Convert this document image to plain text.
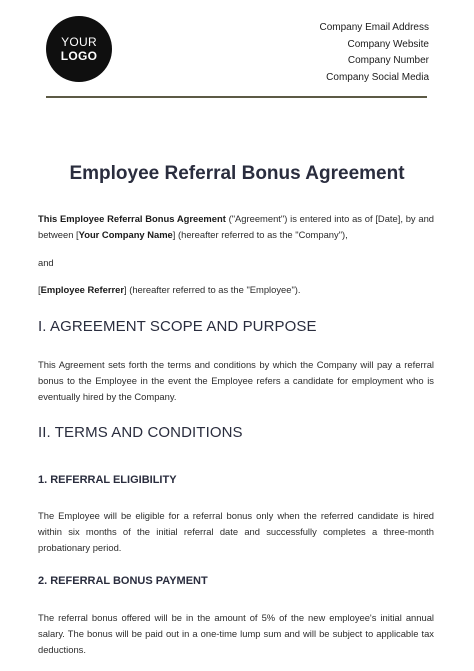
YOUR
LOGO
Company Email Address
Company Website
Company Number
Company Social Media
Employee Referral Bonus Agreement

This Employee Referral Bonus Agreement ("Agreement") is entered into as of [Date], by and between [Your Company Name] (hereafter referred to as the "Company"),

and

[Employee Referrer] (hereafter referred to as the "Employee").

I. AGREEMENT SCOPE AND PURPOSE

This Agreement sets forth the terms and conditions by which the Company will pay a referral bonus to the Employee in the event the Employee refers a candidate for employment who is eventually hired by the Company.

II. TERMS AND CONDITIONS
1. REFERRAL ELIGIBILITY

The Employee will be eligible for a referral bonus only when the referred candidate is hired within six months of the initial referral date and successfully completes a three-month probationary period.

2. REFERRAL BONUS PAYMENT

The referral bonus offered will be in the amount of 5% of the new employee's initial annual salary. The bonus will be paid out in a one-time lump sum and will be subject to applicable tax deductions.
